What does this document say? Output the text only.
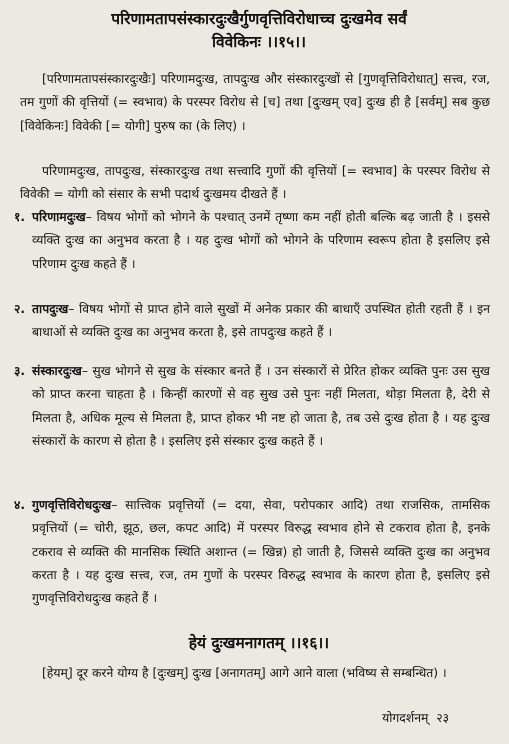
परिणामतापसंस्कारदुःखैर्गुणवृत्तिविरोधाच्च दुःखमेव सर्वं
विवेकिनः ।।१५।।
[परिणामतापसंस्कारदुःखैः] परिणामदुःख, तापदुःख और संस्कारदुःखों से [गुणवृत्तिविरोधात्] सत्त्व, रज, तम गुणों की वृत्तियों (= स्वभाव) के परस्पर विरोध से [च] तथा [दुःखम् एव] दुःख ही है [सर्वम्] सब कुछ [विवेकिनः] विवेकी [= योगी] पुरुष का (के लिए) ।
परिणामदुःख, तापदुःख, संस्कारदुःख तथा सत्त्वादि गुणों की वृत्तियों [= स्वभाव] के परस्पर विरोध से विवेकी = योगी को संसार के सभी पदार्थ दुःखमय दीखते हैं ।
१. परिणामदुःख– विषय भोगों को भोगने के पश्चात् उनमें तृष्णा कम नहीं होती बल्कि बढ़ जाती है । इससे व्यक्ति दुःख का अनुभव करता है । यह दुःख भोगों को भोगने के परिणाम स्वरूप होता है इसलिए इसे परिणाम दुःख कहते हैं ।
२. तापदुःख– विषय भोगों से प्राप्त होने वाले सुखों में अनेक प्रकार की बाधाएँ उपस्थित होती रहती हैं । इन बाधाओं से व्यक्ति दुःख का अनुभव करता है, इसे तापदुःख कहते हैं ।
३. संस्कारदुःख– सुख भोगने से सुख के संस्कार बनते हैं । उन संस्कारों से प्रेरित होकर व्यक्ति पुनः उस सुख को प्राप्त करना चाहता है । किन्हीं कारणों से वह सुख उसे पुनः नहीं मिलता, थोड़ा मिलता है, देरी से मिलता है, अधिक मूल्य से मिलता है, प्राप्त होकर भी नष्ट हो जाता है, तब उसे दुःख होता है । यह दुःख संस्कारों के कारण से होता है । इसलिए इसे संस्कार दुःख कहते हैं ।
४. गुणवृत्तिविरोधदुःख– सात्त्विक प्रवृत्तियों (= दया, सेवा, परोपकार आदि) तथा राजसिक, तामसिक प्रवृत्तियों (= चोरी, झूठ, छल, कपट आदि) में परस्पर विरुद्ध स्वभाव होने से टकराव होता है, इनके टकराव से व्यक्ति की मानसिक स्थिति अशान्त (= खिन्न) हो जाती है, जिससे व्यक्ति दुःख का अनुभव करता है । यह दुःख सत्त्व, रज, तम गुणों के परस्पर विरुद्ध स्वभाव के कारण होता है, इसलिए इसे गुणवृत्तिविरोधदुःख कहते हैं ।
हेयं दुःखमनागतम् ।।१६।।
[हेयम्] दूर करने योग्य है [दुःखम्] दुःख [अनागतम्] आगे आने वाला (भविष्य से सम्बन्धित) ।
योगदर्शनम् २३
